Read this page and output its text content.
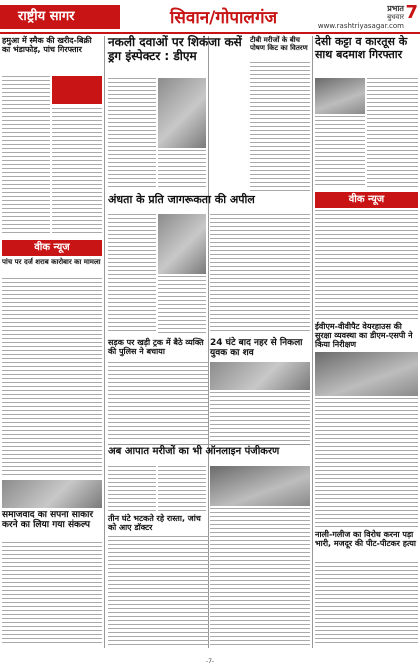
राष्ट्रीय सागर	सिवान/गोपालगंज	प्रभात
बुधवार
www.rashtriyasagar.com
7
हमुआ में स्मैक की खरीद-बिक्री का भंडाफोड़, पांच गिरफ्तार
नकली दवाओं पर शिकंजा कसें ड्रग इंस्पेक्टर : डीएम
टीबी मरीजों के बीच पोषण किट का वितरण देसी कट्टा व कारतूस के साथ बदमाश गिरफ्तार
वीक न्यूज
वीक न्यूज
पांच पर दर्ज शराब कारोबार का मामला
अंधता के प्रति जागरूकता की अपील
ईवीएम-वीवीपैट वेयरहाउस की सुरक्षा व्यवस्था का डीएम-एसपी ने किया निरीक्षण
सड़क पर खड़ी ट्रक में बैठे व्यक्ति की पुलिस ने बचाया
24 घंटे बाद नहर से निकला युवक का शव
अब आपात मरीजों का भी ऑनलाइन पंजीकरण
समाजवाद का सपना साकार करने का लिया गया संकल्प
तीन घंटे भटकते रहे रास्ता, जांच को आए डॉक्टर
नाली-गलीज का विरोध करना पड़ा भारी, मजदूर की पीट-पीटकर हत्या
-7-
